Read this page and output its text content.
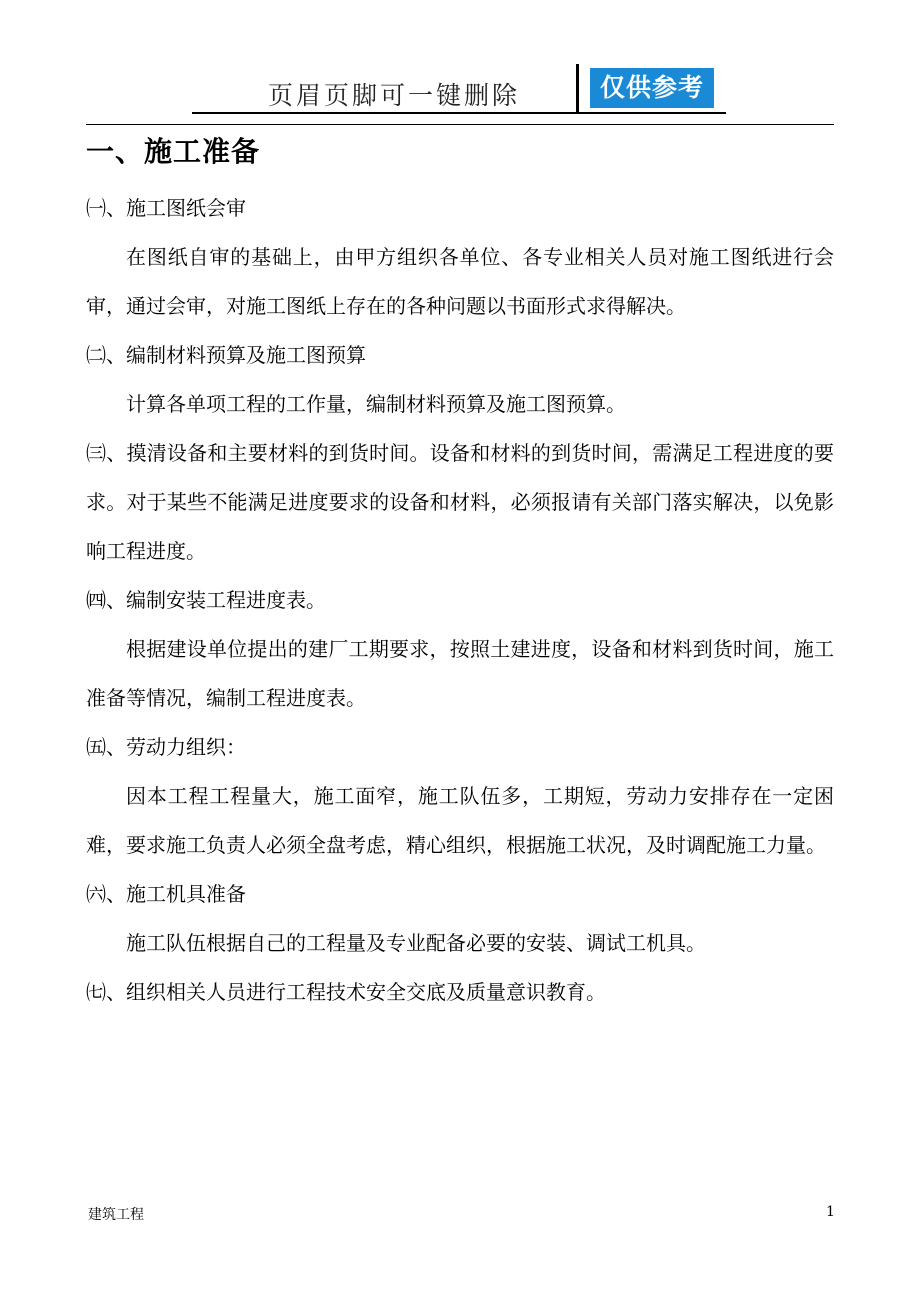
页眉页脚可一键删除	仅供参考
一、施工准备

㈠、施工图纸会审

在图纸自审的基础上，由甲方组织各单位、各专业相关人员对施工图纸进行会审，通过会审，对施工图纸上存在的各种问题以书面形式求得解决。

㈡、编制材料预算及施工图预算

计算各单项工程的工作量，编制材料预算及施工图预算。

㈢、摸清设备和主要材料的到货时间。设备和材料的到货时间，需满足工程进度的要求。对于某些不能满足进度要求的设备和材料，必须报请有关部门落实解决，以免影响工程进度。

㈣、编制安装工程进度表。

根据建设单位提出的建厂工期要求，按照土建进度，设备和材料到货时间，施工准备等情况，编制工程进度表。

㈤、劳动力组织：

因本工程工程量大，施工面窄，施工队伍多，工期短，劳动力安排存在一定困难，要求施工负责人必须全盘考虑，精心组织，根据施工状况，及时调配施工力量。

㈥、施工机具准备

施工队伍根据自己的工程量及专业配备必要的安装、调试工机具。

㈦、组织相关人员进行工程技术安全交底及质量意识教育。

建筑工程	1
